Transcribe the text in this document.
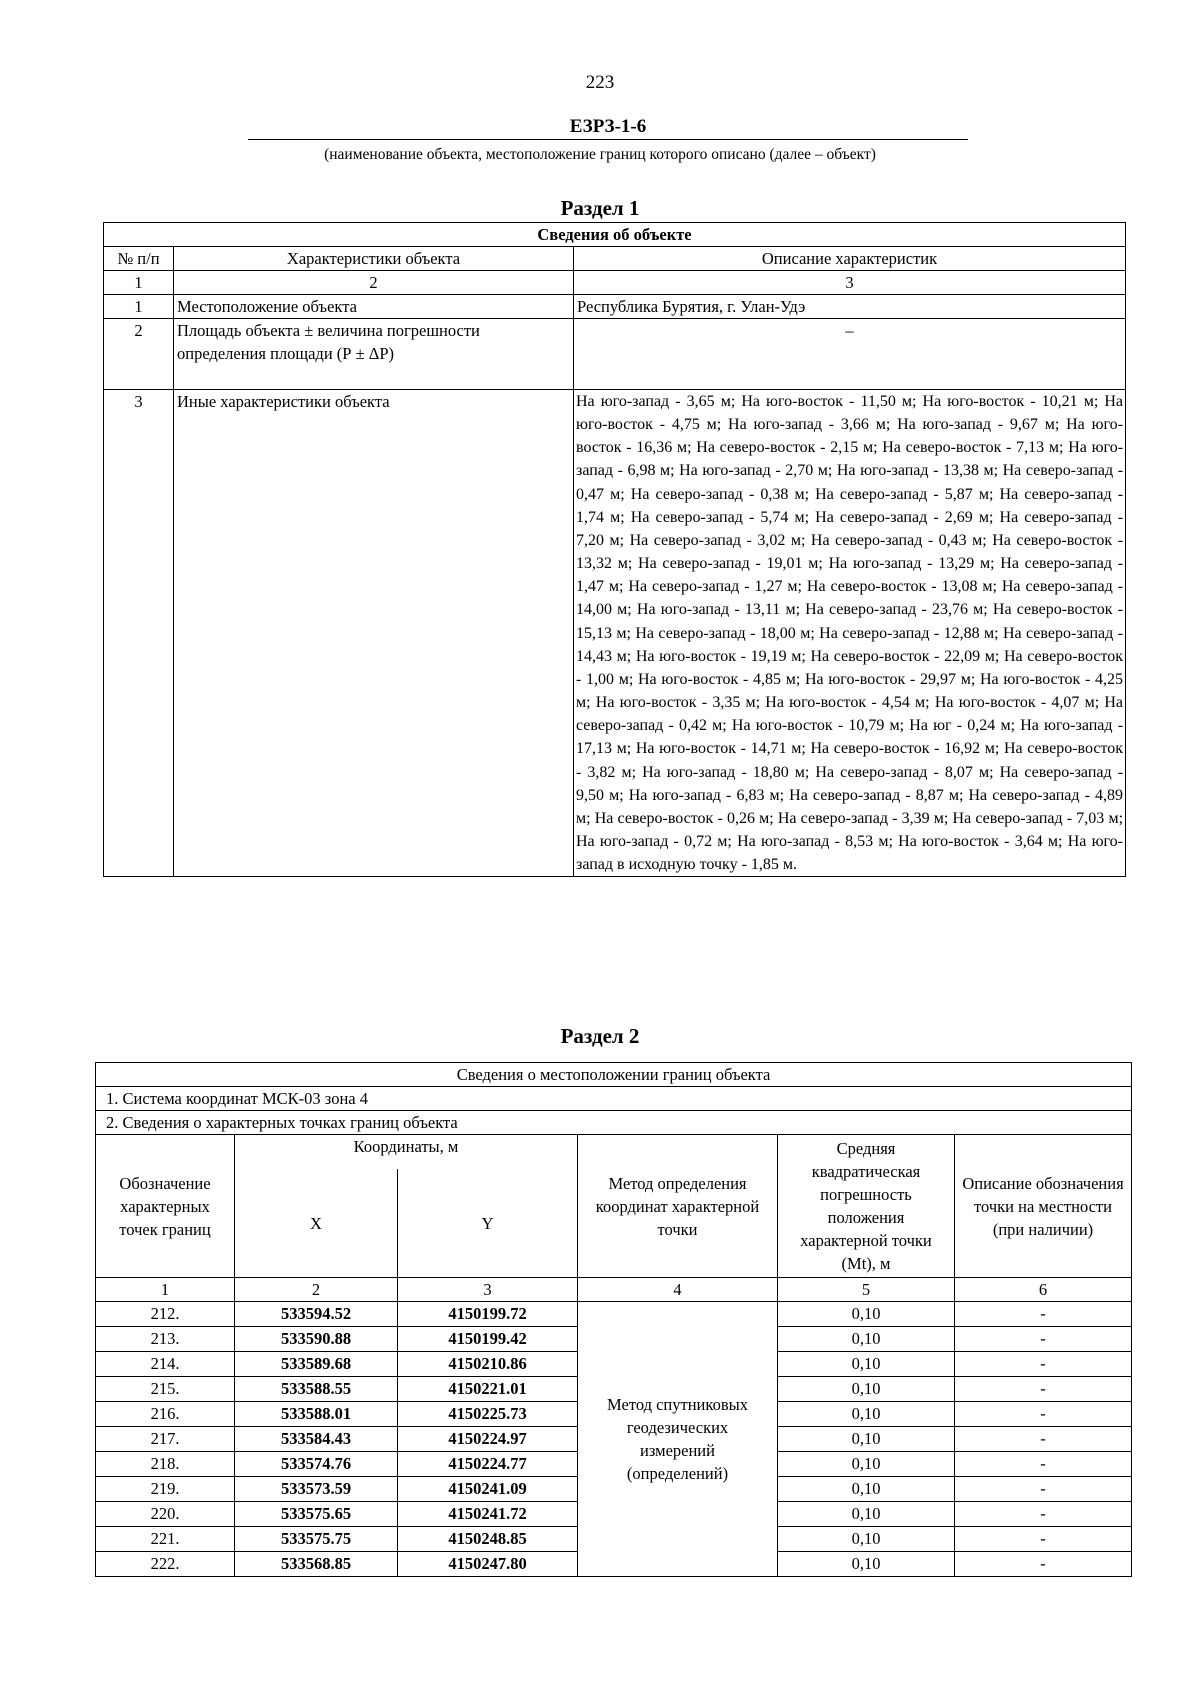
223
ЕЗРЗ-1-6
(наименование объекта, местоположение границ которого описано (далее – объект)
Раздел 1
Сведения об объекте		
№ п/п	Характеристики объекта	Описание характеристик
1	2	3
1	Местоположение объекта	Республика Бурятия, г. Улан-Удэ
2	Площадь объекта ± величина погрешности определения площади (Р ± ΔР)	–
3	Иные характеристики объекта	На юго-запад - 3,65 м; На юго-восток - 11,50 м; На юго-восток - 10,21 м; На юго-восток - 4,75 м; На юго-запад - 3,66 м; На юго-запад - 9,67 м; На юго-восток - 16,36 м; На северо-восток - 2,15 м; На северо-восток - 7,13 м; На юго-запад - 6,98 м; На юго-запад - 2,70 м; На юго-запад - 13,38 м; На северо-запад - 0,47 м; На северо-запад - 0,38 м; На северо-запад - 5,87 м; На северо-запад - 1,74 м; На северо-запад - 5,74 м; На северо-запад - 2,69 м; На северо-запад - 7,20 м; На северо-запад - 3,02 м; На северо-запад - 0,43 м; На северо-восток - 13,32 м; На северо-запад - 19,01 м; На юго-запад - 13,29 м; На северо-запад - 1,47 м; На северо-запад - 1,27 м; На северо-восток - 13,08 м; На северо-запад - 14,00 м; На юго-запад - 13,11 м; На северо-запад - 23,76 м; На северо-восток - 15,13 м; На северо-запад - 18,00 м; На северо-запад - 12,88 м; На северо-запад - 14,43 м; На юго-восток - 19,19 м; На северо-восток - 22,09 м; На северо-восток - 1,00 м; На юго-восток - 4,85 м; На юго-восток - 29,97 м; На юго-восток - 4,25 м; На юго-восток - 3,35 м; На юго-восток - 4,54 м; На юго-восток - 4,07 м; На северо-запад - 0,42 м; На юго-восток - 10,79 м; На юг - 0,24 м; На юго-запад - 17,13 м; На юго-восток - 14,71 м; На северо-восток - 16,92 м; На северо-восток - 3,82 м; На юго-запад - 18,80 м; На северо-запад - 8,07 м; На северо-запад - 9,50 м; На юго-запад - 6,83 м; На северо-запад - 8,87 м; На северо-запад - 4,89 м; На северо-восток - 0,26 м; На северо-запад - 3,39 м; На северо-запад - 7,03 м; На юго-запад - 0,72 м; На юго-запад - 8,53 м; На юго-восток - 3,64 м; На юго-запад в исходную точку - 1,85 м.
Раздел 2
Сведения о местоположении границ объекта					
1. Система координат МСК-03 зона 4					
2. Сведения о характерных точках границ объекта					
Обозначение характерных точек границ	Координаты, м		Метод определения координат характерной точки	Средняя квадратическая погрешность положения характерной точки (Mt), м	Описание обозначения точки на местности (при наличии)
	X	Y			
1	2	3	4	5	6
212.	533594.52	4150199.72	Метод спутниковых геодезических измерений (определений)	0,10	-
213.	533590.88	4150199.42		0,10	-
214.	533589.68	4150210.86		0,10	-
215.	533588.55	4150221.01		0,10	-
216.	533588.01	4150225.73		0,10	-
217.	533584.43	4150224.97		0,10	-
218.	533574.76	4150224.77		0,10	-
219.	533573.59	4150241.09		0,10	-
220.	533575.65	4150241.72		0,10	-
221.	533575.75	4150248.85		0,10	-
222.	533568.85	4150247.80		0,10	-
